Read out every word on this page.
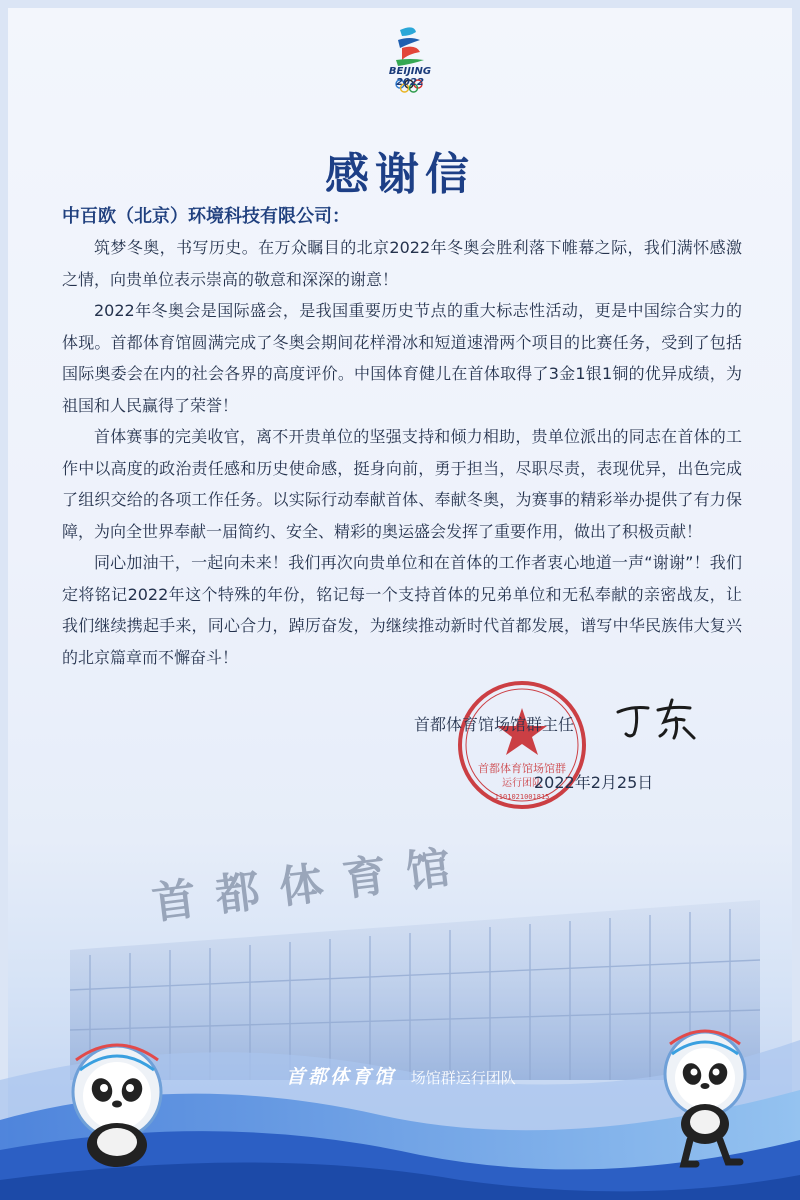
BEIJING 2022
感谢信
中百欧（北京）环境科技有限公司：

筑梦冬奥，书写历史。在万众瞩目的北京2022年冬奥会胜利落下帷幕之际，我们满怀感激之情，向贵单位表示崇高的敬意和深深的谢意！

2022年冬奥会是国际盛会，是我国重要历史节点的重大标志性活动，更是中国综合实力的体现。首都体育馆圆满完成了冬奥会期间花样滑冰和短道速滑两个项目的比赛任务，受到了包括国际奥委会在内的社会各界的高度评价。中国体育健儿在首体取得了3金1银1铜的优异成绩，为祖国和人民赢得了荣誉！

首体赛事的完美收官，离不开贵单位的坚强支持和倾力相助，贵单位派出的同志在首体的工作中以高度的政治责任感和历史使命感，挺身向前，勇于担当，尽职尽责，表现优异，出色完成了组织交给的各项工作任务。以实际行动奉献首体、奉献冬奥，为赛事的精彩举办提供了有力保障，为向全世界奉献一届简约、安全、精彩的奥运盛会发挥了重要作用，做出了积极贡献！

同心加油干，一起向未来！我们再次向贵单位和在首体的工作者衷心地道一声“谢谢”！我们定将铭记2022年这个特殊的年份，铭记每一个支持首体的兄弟单位和无私奉献的亲密战友，让我们继续携起手来，同心合力，踔厉奋发，为继续推动新时代首都发展，谱写中华民族伟大复兴的北京篇章而不懈奋斗！

首都体育馆场馆群
运行团队
1101021001815
首都体育馆场馆群主任
2022年2月25日
首都体育馆
首都体育馆 场馆群运行团队
